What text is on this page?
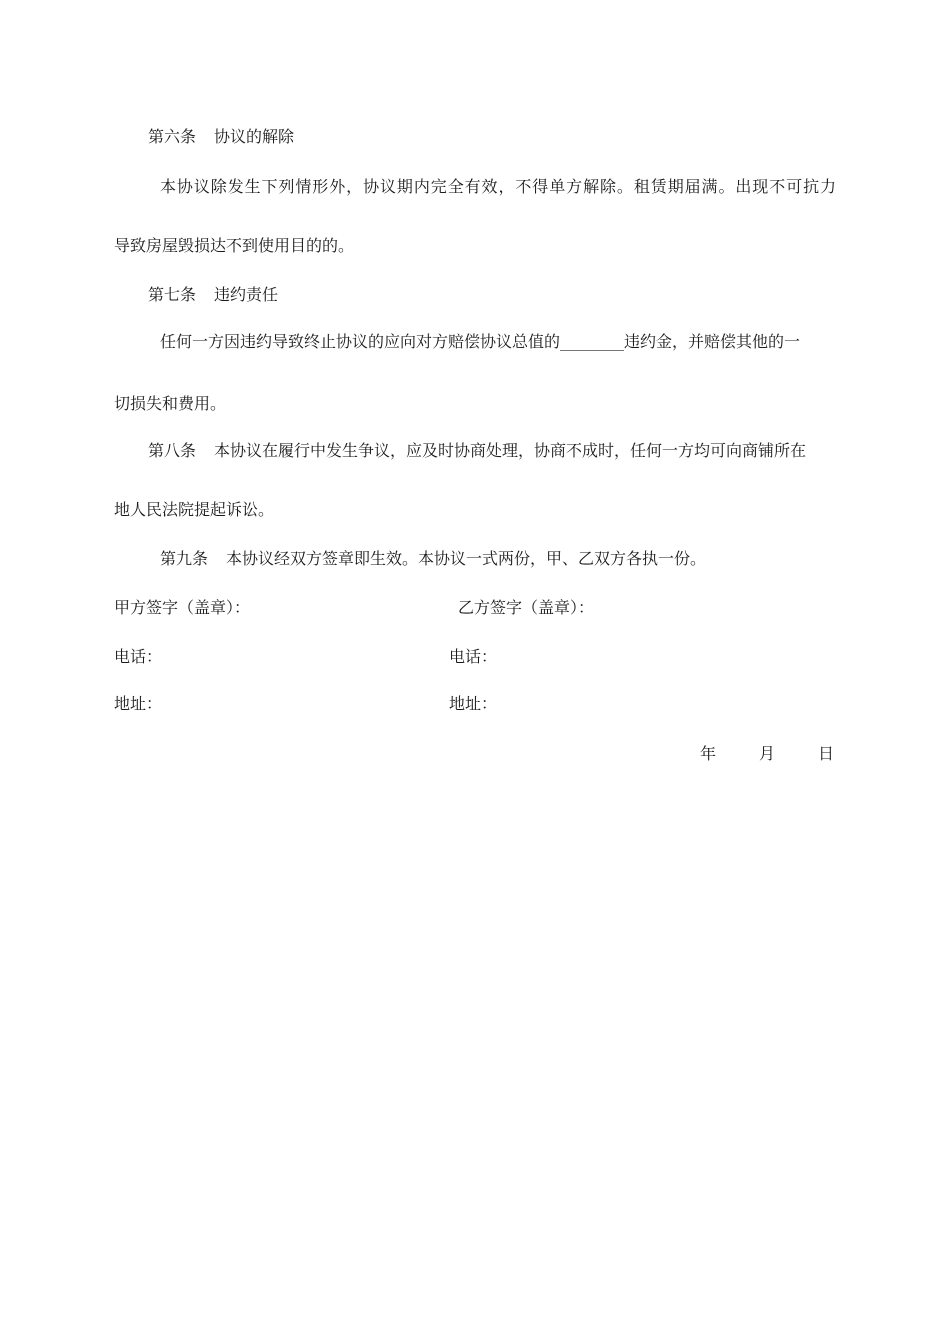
第六条 协议的解除
本协议除发生下列情形外，协议期内完全有效，不得单方解除。租赁期届满。出现不可抗力
导致房屋毁损达不到使用目的的。
第七条 违约责任
任何一方因违约导致终止协议的应向对方赔偿协议总值的________违约金，并赔偿其他的一
切损失和费用。
第八条 本协议在履行中发生争议，应及时协商处理，协商不成时，任何一方均可向商铺所在
地人民法院提起诉讼。
第九条 本协议经双方签章即生效。本协议一式两份，甲、乙双方各执一份。
甲方签字（盖章）：	乙方签字（盖章）：
电话：	电话：
地址：	地址：
年	月	日
